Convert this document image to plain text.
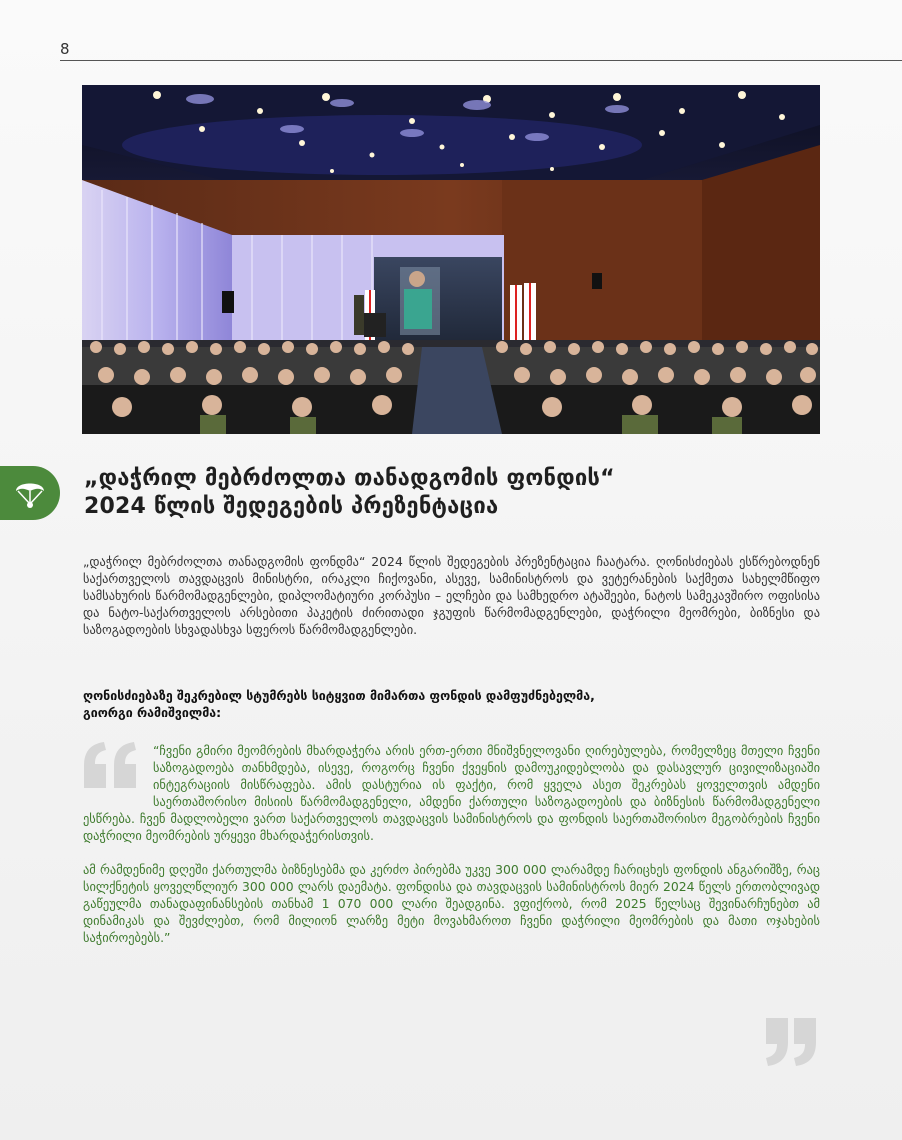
8
„დაჭრილ მებრძოლთა თანადგომის ფონდის“
2024 წლის შედეგების პრეზენტაცია
„დაჭრილ მებრძოლთა თანადგომის ფონდმა“ 2024 წლის შედეგების პრეზენტაცია ჩაატარა. ღონისძიებას ესწრებოდნენ საქართველოს თავდაცვის მინისტრი, ირაკლი ჩიქოვანი, ასევე, სამინისტროს და ვეტერანების საქმეთა სახელმწიფო სამსახურის წარმომადგენლები, დიპლომატიური კორპუსი – ელჩები და სამხედრო ატაშეები, ნატოს სამეკავშირო ოფისისა და ნატო-საქართველოს არსებითი პაკეტის ძირითადი ჯგუფის წარმომადგენლები, დაჭრილი მეომრები, ბიზნესი და საზოგადოების სხვადასხვა სფეროს წარმომადგენლები.
ღონისძიებაზე შეკრებილ სტუმრებს სიტყვით მიმართა ფონდის დამფუძნებელმა,
გიორგი რამიშვილმა:

“ჩვენი გმირი მეომრების მხარდაჭერა არის ერთ-ერთი მნიშვნელოვანი ღირებულება, რომელზეც მთელი ჩვენი საზოგადოება თანხმდება, ისევე, როგორც ჩვენი ქვეყნის დამოუკიდებლობა და დასავლურ ცივილიზაციაში ინტეგრაციის მისწრაფება. ამის დასტურია ის ფაქტი, რომ ყველა ასეთ შეკრებას ყოველთვის ამდენი საერთაშორისო მისიის წარმომადგენელი, ამდენი ქართული საზოგადოების და ბიზნესის წარმომადგენელი ესწრება. ჩვენ მადლობელი ვართ საქართველოს თავდაცვის სამინისტროს და ფონდის საერთაშორისო მეგობრების ჩვენი დაჭრილი მეომრების ურყევი მხარდაჭერისთვის.

ამ რამდენიმე დღეში ქართულმა ბიზნესებმა და კერძო პირებმა უკვე 300 000 ლარამდე ჩარიცხეს ფონდის ანგარიშზე, რაც სილქნეტის ყოველწლიურ 300 000 ლარს დაემატა. ფონდისა და თავდაცვის სამინისტროს მიერ 2024 წელს ერთობლივად გაწეულმა თანადაფინანსების თანხამ 1 070 000 ლარი შეადგინა. ვფიქრობ, რომ 2025 წელსაც შევინარჩუნებთ ამ დინამიკას და შევძლებთ, რომ მილიონ ლარზე მეტი მოვახმაროთ ჩვენი დაჭრილი მეომრების და მათი ოჯახების საჭიროებებს.”
